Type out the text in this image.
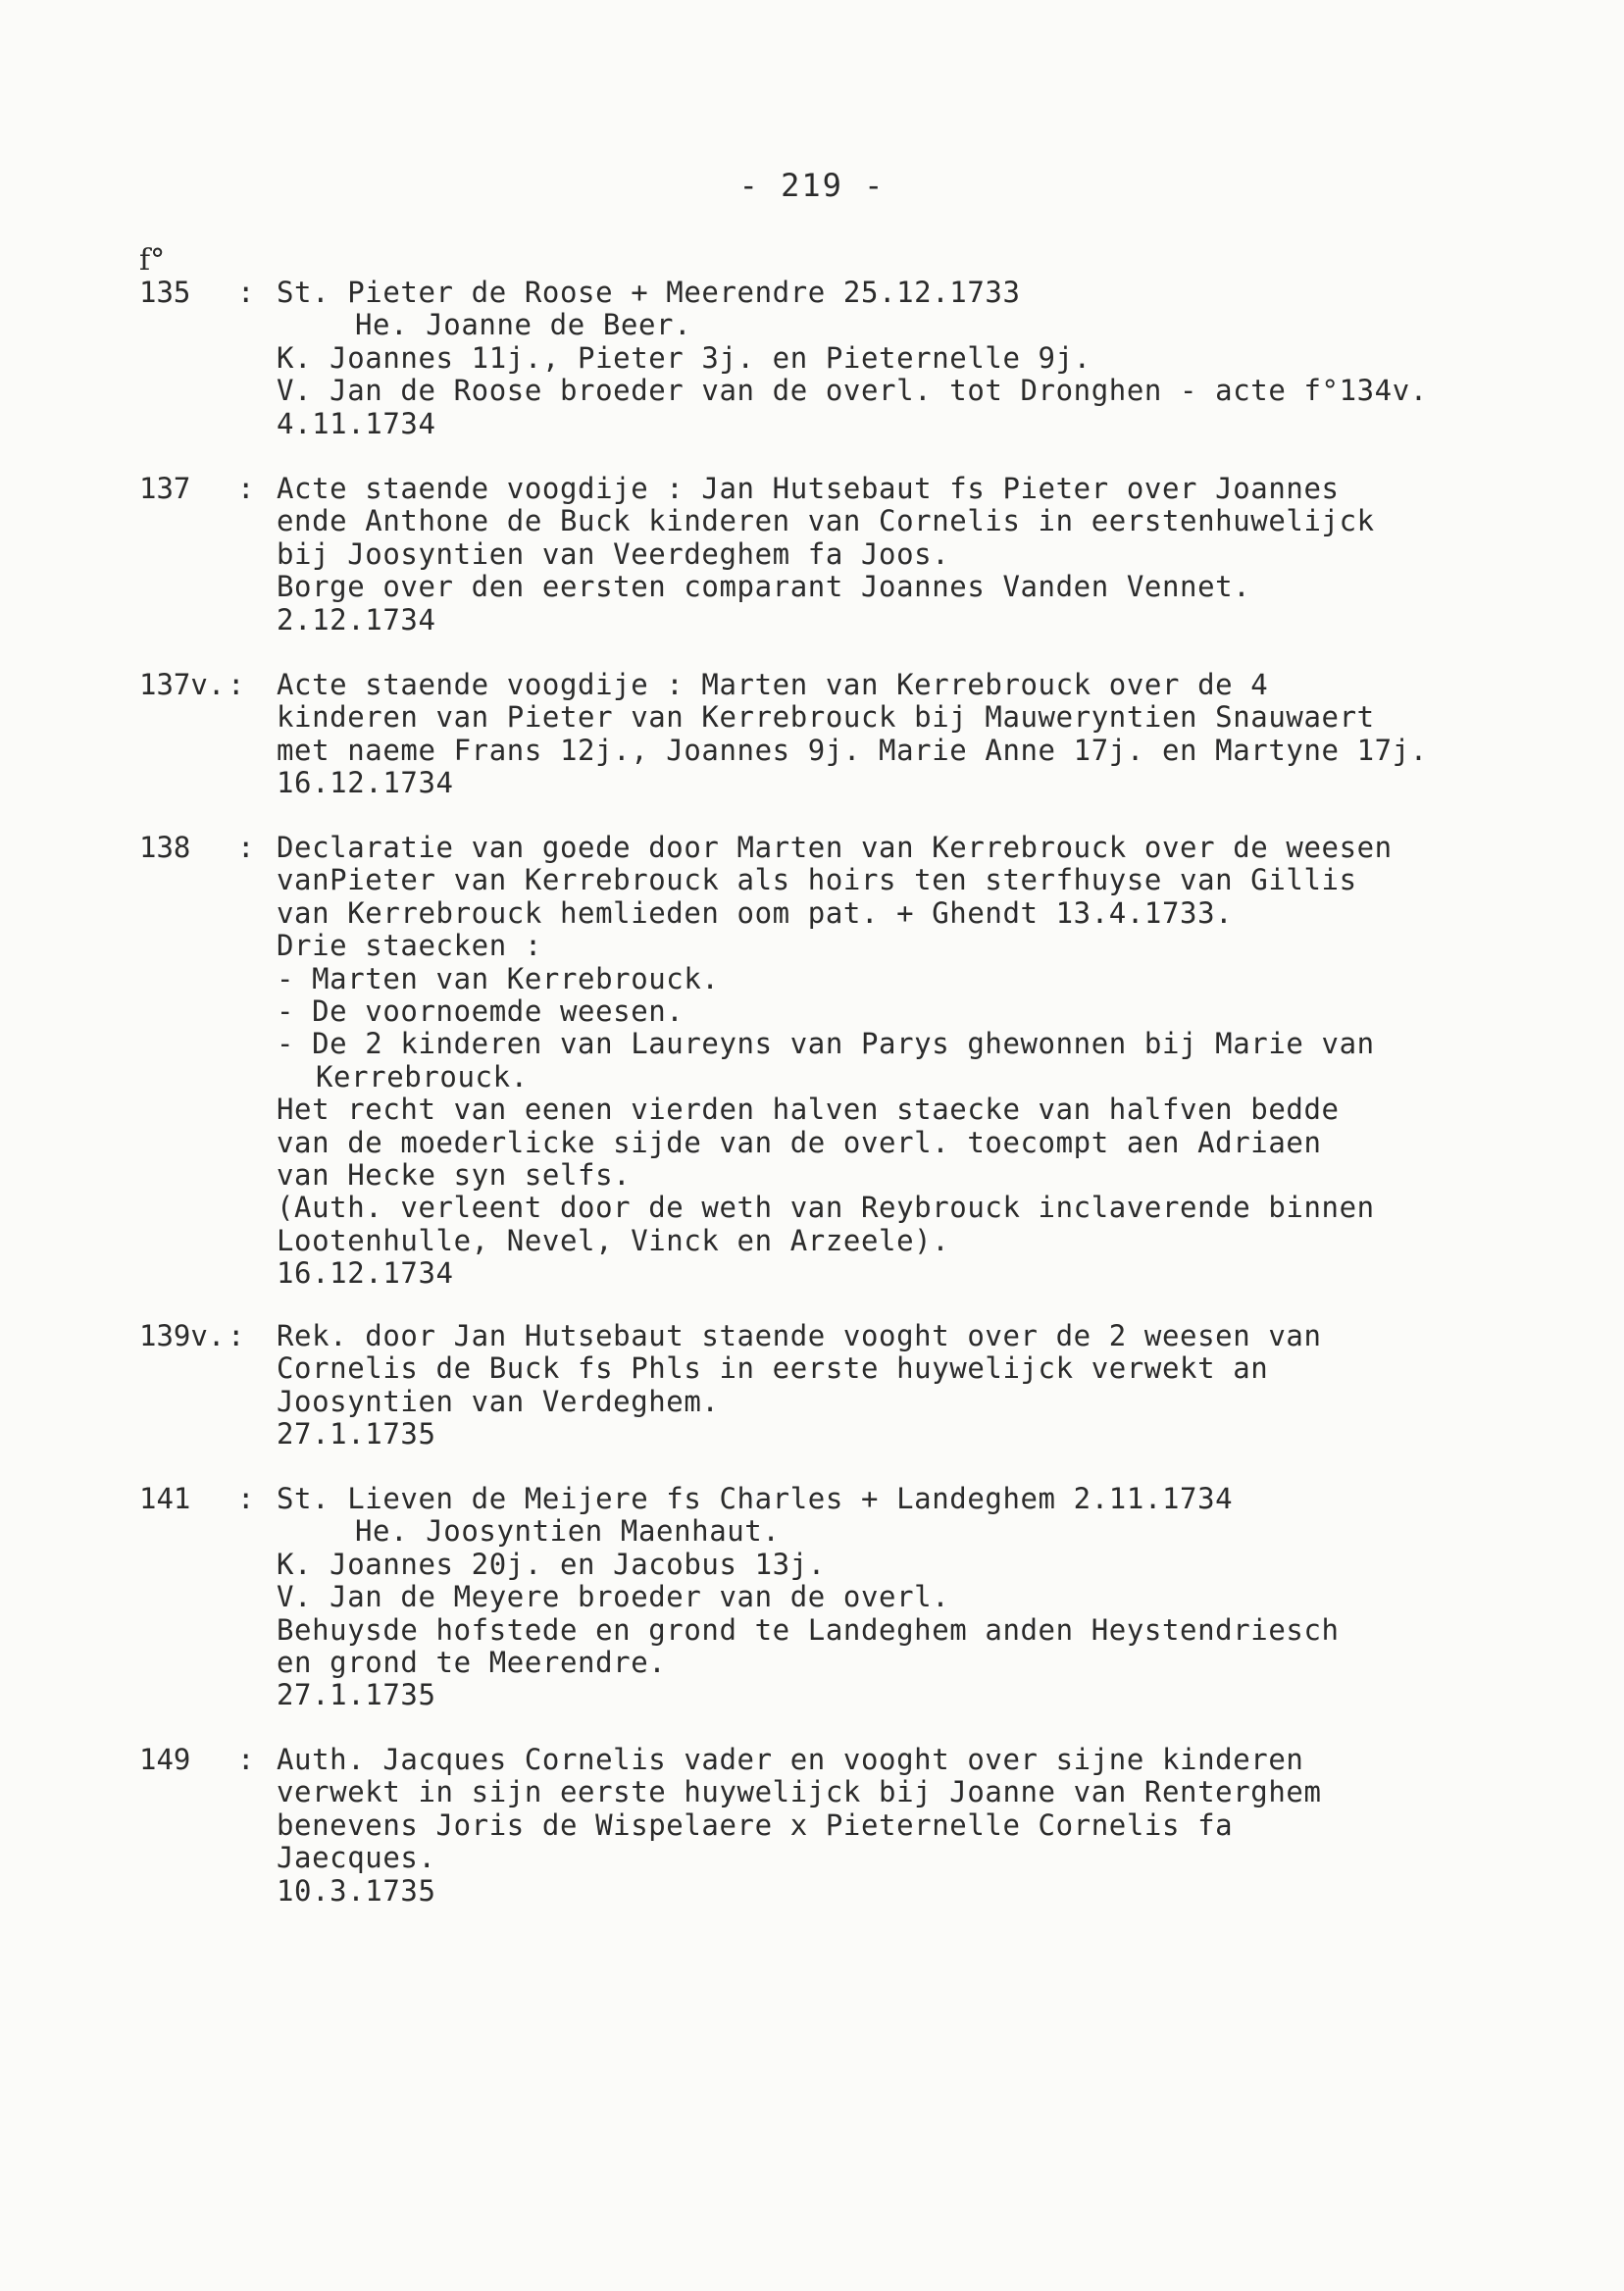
- 219 -
f°
135 : St. Pieter de Roose + Meerendre 25.12.1733
He. Joanne de Beer.
K. Joannes 11j., Pieter 3j. en Pieternelle 9j.
V. Jan de Roose broeder van de overl. tot Dronghen - acte f°134v.
4.11.1734
137 : Acte staende voogdije : Jan Hutsebaut fs Pieter over Joannes
ende Anthone de Buck kinderen van Cornelis in eerstenhuwelijck
bij Joosyntien van Veerdeghem fa Joos.
Borge over den eersten comparant Joannes Vanden Vennet.
2.12.1734
137v. : Acte staende voogdije : Marten van Kerrebrouck over de 4
kinderen van Pieter van Kerrebrouck bij Mauweryntien Snauwaert
met naeme Frans 12j., Joannes 9j. Marie Anne 17j. en Martyne 17j.
16.12.1734
138 : Declaratie van goede door Marten van Kerrebrouck over de weesen
vanPieter van Kerrebrouck als hoirs ten sterfhuyse van Gillis
van Kerrebrouck hemlieden oom pat. + Ghendt 13.4.1733.
Drie staecken :
- Marten van Kerrebrouck.
- De voornoemde weesen.
- De 2 kinderen van Laureyns van Parys ghewonnen bij Marie van
Kerrebrouck.
Het recht van eenen vierden halven staecke van halfven bedde
van de moederlicke sijde van de overl. toecompt aen Adriaen
van Hecke syn selfs.
(Auth. verleent door de weth van Reybrouck inclaverende binnen
Lootenhulle, Nevel, Vinck en Arzeele).
16.12.1734
139v. : Rek. door Jan Hutsebaut staende vooght over de 2 weesen van
Cornelis de Buck fs Phls in eerste huywelijck verwekt an
Joosyntien van Verdeghem.
27.1.1735
141 : St. Lieven de Meijere fs Charles + Landeghem 2.11.1734
He. Joosyntien Maenhaut.
K. Joannes 20j. en Jacobus 13j.
V. Jan de Meyere broeder van de overl.
Behuysde hofstede en grond te Landeghem anden Heystendriesch
en grond te Meerendre.
27.1.1735
149 : Auth. Jacques Cornelis vader en vooght over sijne kinderen
verwekt in sijn eerste huywelijck bij Joanne van Renterghem
benevens Joris de Wispelaere x Pieternelle Cornelis fa
Jaecques.
10.3.1735
